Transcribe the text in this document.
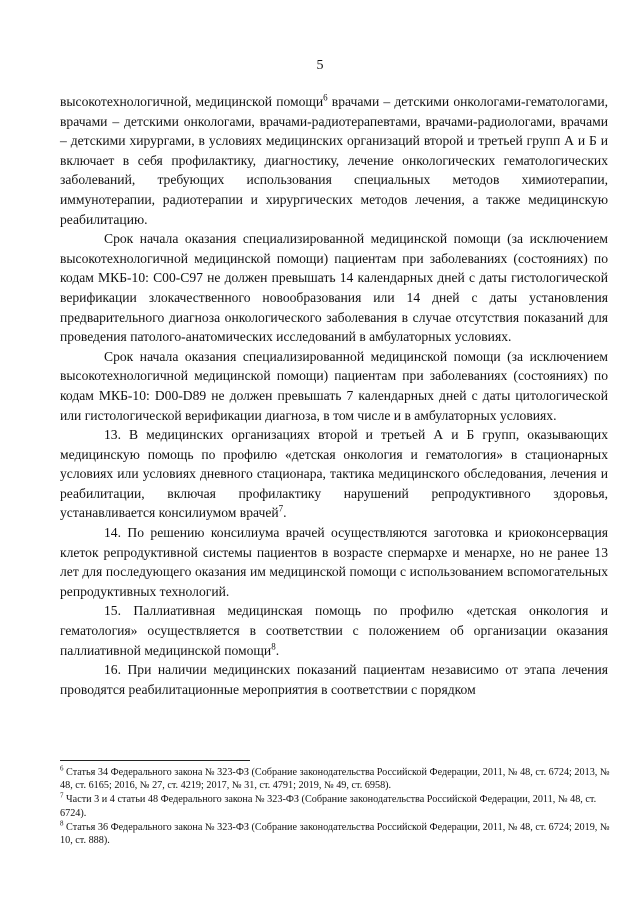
5

высокотехнологичной, медицинской помощи$^6$ врачами – детскими онкологами-гематологами, врачами – детскими онкологами, врачами-радиотерапевтами, врачами-радиологами, врачами – детскими хирургами, в условиях медицинских организаций второй и третьей групп А и Б и включает в себя профилактику, диагностику, лечение онкологических гематологических заболеваний, требующих использования специальных методов химиотерапии, иммунотерапии, радиотерапии и хирургических методов лечения, а также медицинскую реабилитацию.

Срок начала оказания специализированной медицинской помощи (за исключением высокотехнологичной медицинской помощи) пациентам при заболеваниях (состояниях) по кодам МКБ-10: С00-С97 не должен превышать 14 календарных дней с даты гистологической верификации злокачественного новообразования или 14 дней с даты установления предварительного диагноза онкологического заболевания в случае отсутствия показаний для проведения патолого-анатомических исследований в амбулаторных условиях.

Срок начала оказания специализированной медицинской помощи (за исключением высокотехнологичной медицинской помощи) пациентам при заболеваниях (состояниях) по кодам МКБ-10: D00-D89 не должен превышать 7 календарных дней с даты цитологической или гистологической верификации диагноза, в том числе и в амбулаторных условиях.

13. В медицинских организациях второй и третьей А и Б групп, оказывающих медицинскую помощь по профилю «детская онкология и гематология» в стационарных условиях или условиях дневного стационара, тактика медицинского обследования, лечения и реабилитации, включая профилактику нарушений репродуктивного здоровья, устанавливается консилиумом врачей$^7$.

14. По решению консилиума врачей осуществляются заготовка и криоконсервация клеток репродуктивной системы пациентов в возрасте спермархе и менархе, но не ранее 13 лет для последующего оказания им медицинской помощи с использованием вспомогательных репродуктивных технологий.

15. Паллиативная медицинская помощь по профилю «детская онкология и гематология» осуществляется в соответствии с положением об организации оказания паллиативной медицинской помощи$^8$.

16. При наличии медицинских показаний пациентам независимо от этапа лечения проводятся реабилитационные мероприятия в соответствии с порядком

$^6$ Статья 34 Федерального закона № 323-ФЗ (Собрание законодательства Российской Федерации, 2011, № 48, ст. 6724; 2013, № 48, ст. 6165; 2016, № 27, ст. 4219; 2017, № 31, ст. 4791; 2019, № 49, ст. 6958).

$^7$ Части 3 и 4 статьи 48 Федерального закона № 323-ФЗ (Собрание законодательства Российской Федерации, 2011, № 48, ст. 6724).

$^8$ Статья 36 Федерального закона № 323-ФЗ (Собрание законодательства Российской Федерации, 2011, № 48, ст. 6724; 2019, № 10, ст. 888).
